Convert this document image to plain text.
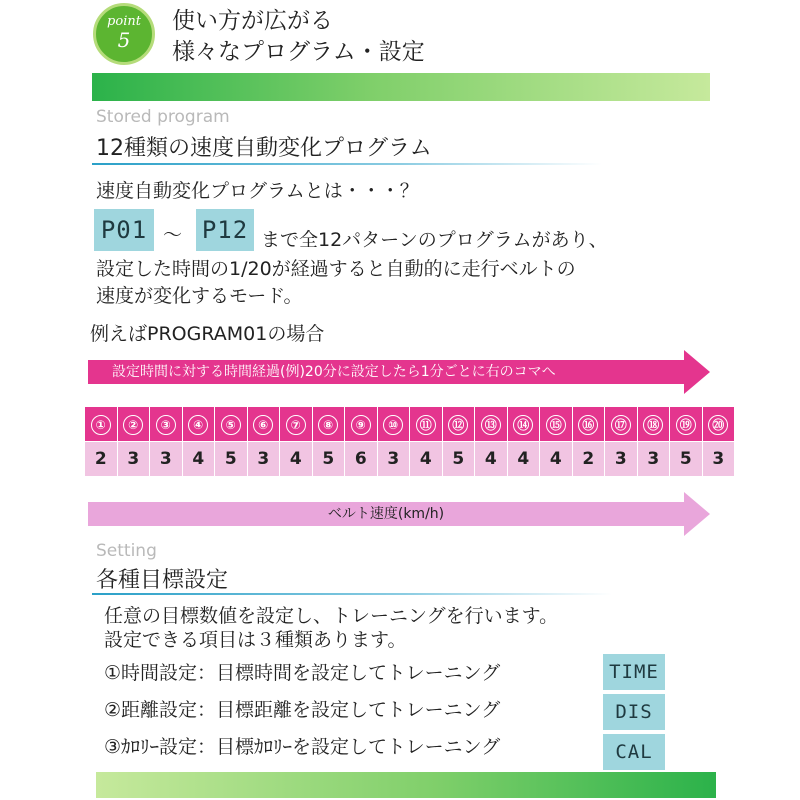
point
5
使い方が広がる
様々なプログラム・設定
Stored program
12種類の速度自動変化プログラム
速度自動変化プログラムとは・・・？
P01 ～ P12 まで全12パターンのプログラムがあり、
設定した時間の1/20が経過すると自動的に走行ベルトの
速度が変化するモード。
例えばPROGRAM01の場合
設定時間に対する時間経過(例)20分に設定したら1分ごとに右のコマへ
①	②	③	④	⑤	⑥	⑦	⑧	⑨	⑩	⑪	⑫	⑬	⑭	⑮	⑯	⑰	⑱	⑲	⑳
2	3	3	4	5	3	4	5	6	3	4	5	4	4	4	2	3	3	5	3
ベルト速度(km/h)
Setting
各種目標設定
任意の目標数値を設定し、トレーニングを行います。
設定できる項目は３種類あります。
①時間設定：目標時間を設定してトレーニング
②距離設定：目標距離を設定してトレーニング
③ｶﾛﾘｰ設定：目標ｶﾛﾘｰを設定してトレーニング
TIME
DIS
CAL
